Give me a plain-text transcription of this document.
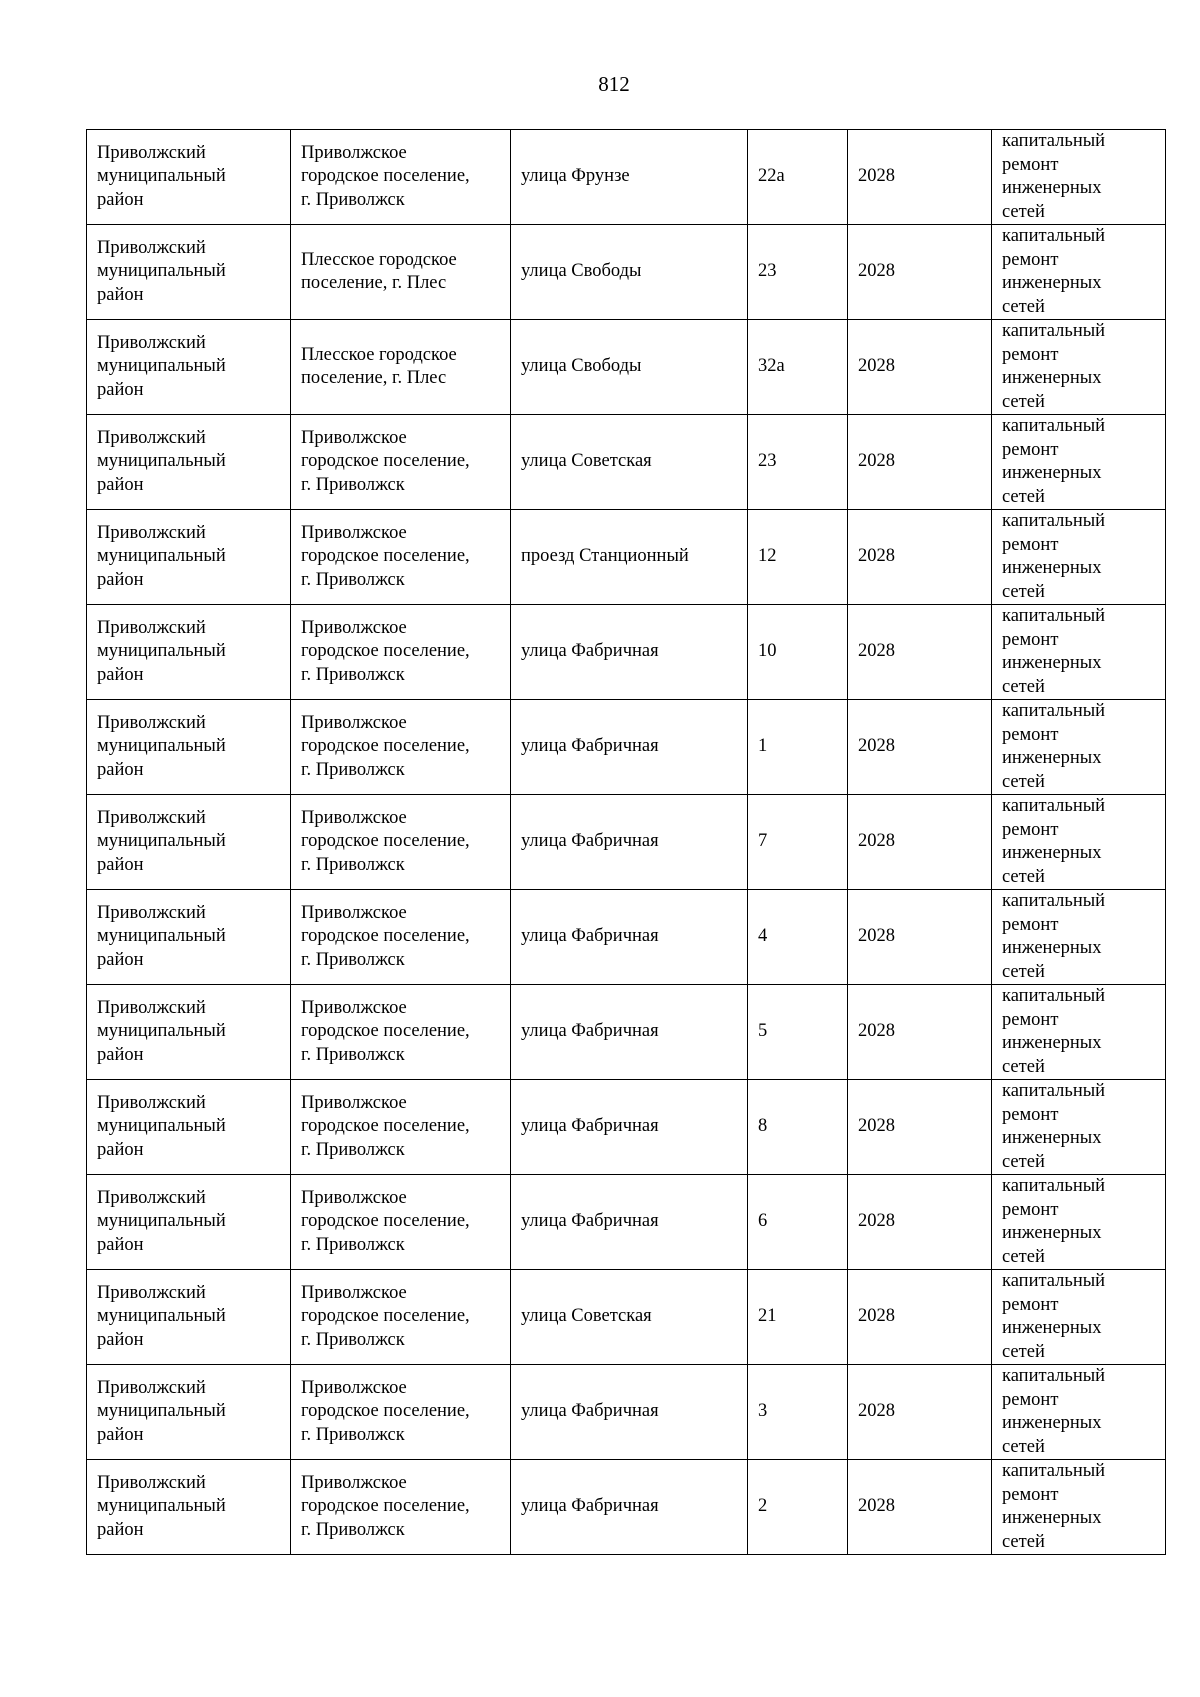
812
Приволжский
муниципальный
район	Приволжское
городское поселение,
г. Приволжск	улица Фрунзе	22а	2028	капитальный
ремонт
инженерных
сетей

Приволжский
муниципальный
район	Плесское городское
поселение, г. Плес	улица Свободы	23	2028	капитальный
ремонт
инженерных
сетей

Приволжский
муниципальный
район	Плесское городское
поселение, г. Плес	улица Свободы	32а	2028	капитальный
ремонт
инженерных
сетей

Приволжский
муниципальный
район	Приволжское
городское поселение,
г. Приволжск	улица Советская	23	2028	капитальный
ремонт
инженерных
сетей

Приволжский
муниципальный
район	Приволжское
городское поселение,
г. Приволжск	проезд Станционный	12	2028	капитальный
ремонт
инженерных
сетей

Приволжский
муниципальный
район	Приволжское
городское поселение,
г. Приволжск	улица Фабричная	10	2028	капитальный
ремонт
инженерных
сетей

Приволжский
муниципальный
район	Приволжское
городское поселение,
г. Приволжск	улица Фабричная	1	2028	капитальный
ремонт
инженерных
сетей

Приволжский
муниципальный
район	Приволжское
городское поселение,
г. Приволжск	улица Фабричная	7	2028	капитальный
ремонт
инженерных
сетей

Приволжский
муниципальный
район	Приволжское
городское поселение,
г. Приволжск	улица Фабричная	4	2028	капитальный
ремонт
инженерных
сетей

Приволжский
муниципальный
район	Приволжское
городское поселение,
г. Приволжск	улица Фабричная	5	2028	капитальный
ремонт
инженерных
сетей

Приволжский
муниципальный
район	Приволжское
городское поселение,
г. Приволжск	улица Фабричная	8	2028	капитальный
ремонт
инженерных
сетей

Приволжский
муниципальный
район	Приволжское
городское поселение,
г. Приволжск	улица Фабричная	6	2028	капитальный
ремонт
инженерных
сетей

Приволжский
муниципальный
район	Приволжское
городское поселение,
г. Приволжск	улица Советская	21	2028	капитальный
ремонт
инженерных
сетей

Приволжский
муниципальный
район	Приволжское
городское поселение,
г. Приволжск	улица Фабричная	3	2028	капитальный
ремонт
инженерных
сетей

Приволжский
муниципальный
район	Приволжское
городское поселение,
г. Приволжск	улица Фабричная	2	2028	капитальный
ремонт
инженерных
сетей
